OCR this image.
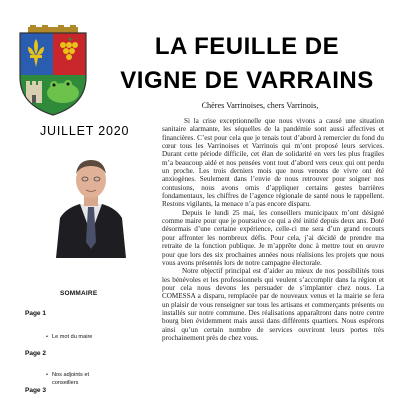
LA FEUILLE DE
VIGNE DE VARRAINS
Chères Varrinoises, chers Varrinois,
JUILLET 2020

Si la crise exceptionnelle que nous vivons a causé une situation sanitaire alarmante, les séquelles de la pandémie sont aussi affectives et financières. C’est pour cela que je tenais tout d’abord à remercier du fond du cœur tous les Varrinoises et Varrinois qui m’ont proposé leurs services. Durant cette période difficile, cet élan de solidarité en vers les plus fragiles m’a beaucoup aidé et nos pensées vont tout d’abord vers ceux qui ont perdu un proche. Les trois derniers mois que nous venons de vivre ont été anxiogènes. Seulement dans l’envie de nous retrouver pour soigner nos contusions, nous avons omis d’appliquer certains gestes barrières fondamentaux, les chiffres de l’agence régionale de santé nous le rappellent. Restons vigilants, la menace n’a pas encore disparu.

Depuis le lundi 25 mai, les conseillers municipaux m’ont désigné comme maire pour que je poursuive ce qui a été initié depuis deux ans. Doté désormais d’une certaine expérience, celle-ci me sera d’un grand recours pour affronter les nombreux défis. Pour cela, j’ai décidé de prendre ma retraite de la fonction publique. Je m’apprête donc à mettre tout en œuvre pour que lors des six prochaines années nous réalisions les projets que nous vous avons présentés lors de notre campagne électorale.

Notre objectif principal est d’aider au mieux de nos possibilités tous les bénévoles et les professionnels qui veulent s’accomplir dans la région et pour cela nous devons les persuader de s’implanter chez nous. La COMESSA a disparu, remplacée par de nouveaux venus et la mairie se fera un plaisir de vous renseigner sur tous les artisans et commerçants présents ou installés sur notre commune. Des réalisations apparaîtront dans notre centre bourg bien évidemment mais aussi dans différents quartiers. Nous espérons ainsi qu’un certain nombre de services ouvriront leurs portes très prochainement près de chez vous.

SOMMAIRE
Page 1
• Le mot du maire
Page 2
• Nos adjoints et conseillers
Page 3
